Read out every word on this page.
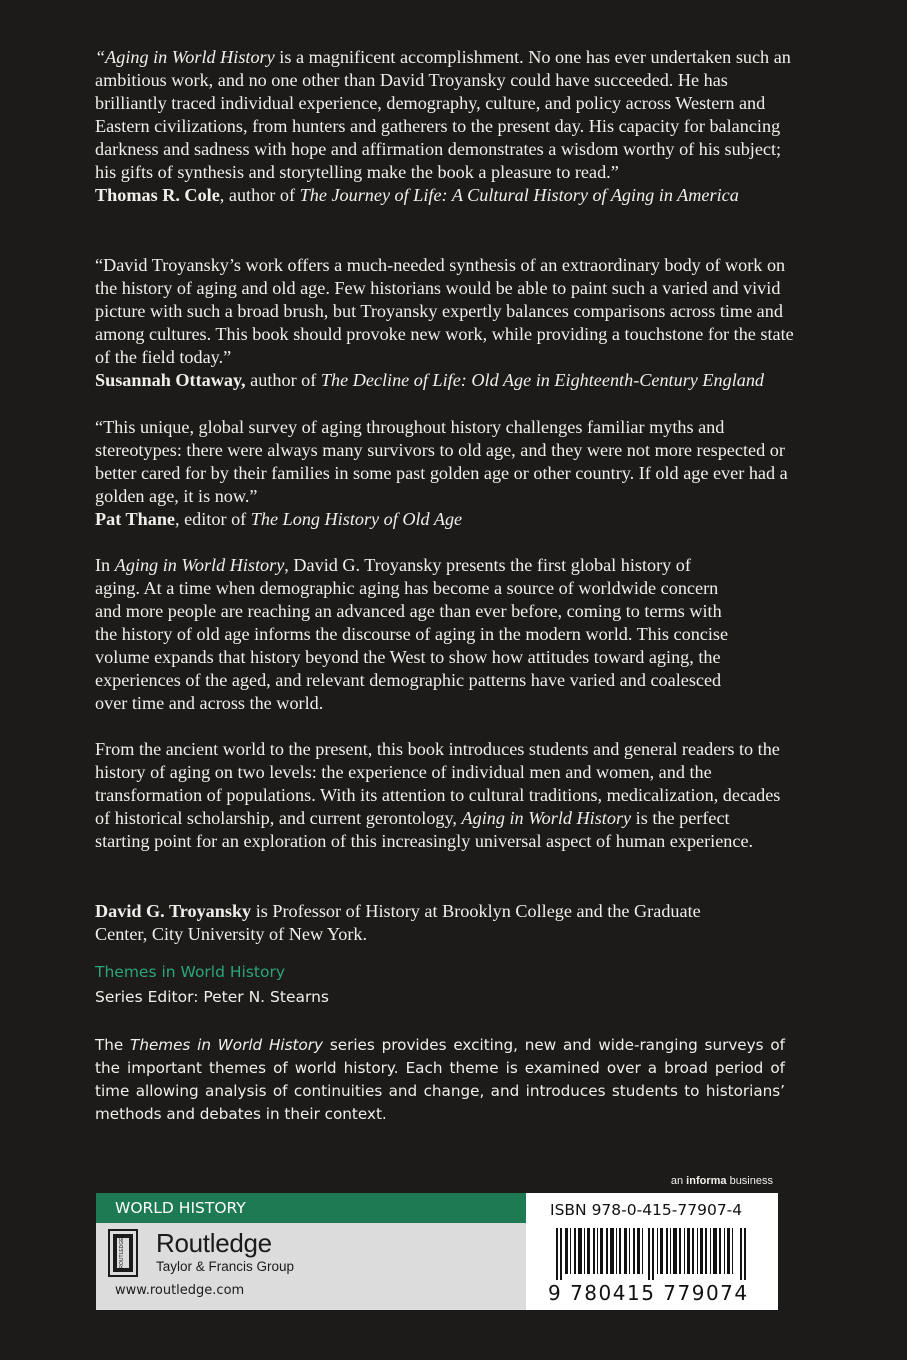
“Aging in World History is a magnificent accomplishment. No one has ever undertaken such an ambitious work, and no one other than David Troyansky could have succeeded. He has brilliantly traced individual experience, demography, culture, and policy across Western and Eastern civilizations, from hunters and gatherers to the present day. His capacity for balancing darkness and sadness with hope and affirmation demonstrates a wisdom worthy of his subject; his gifts of synthesis and storytelling make the book a pleasure to read.”

Thomas R. Cole, author of The Journey of Life: A Cultural History of Aging in America

“David Troyansky’s work offers a much-needed synthesis of an extraordinary body of work on the history of aging and old age. Few historians would be able to paint such a varied and vivid picture with such a broad brush, but Troyansky expertly balances comparisons across time and among cultures. This book should provoke new work, while providing a touchstone for the state of the field today.”

Susannah Ottaway, author of The Decline of Life: Old Age in Eighteenth-Century England

“This unique, global survey of aging throughout history challenges familiar myths and stereotypes: there were always many survivors to old age, and they were not more respected or better cared for by their families in some past golden age or other country. If old age ever had a golden age, it is now.”

Pat Thane, editor of The Long History of Old Age

In Aging in World History, David G. Troyansky presents the first global history of aging. At a time when demographic aging has become a source of worldwide concern and more people are reaching an advanced age than ever before, coming to terms with the history of old age informs the discourse of aging in the modern world. This concise volume expands that history beyond the West to show how attitudes toward aging, the experiences of the aged, and relevant demographic patterns have varied and coalesced over time and across the world.

From the ancient world to the present, this book introduces students and general readers to the history of aging on two levels: the experience of individual men and women, and the transformation of populations. With its attention to cultural traditions, medicalization, decades of historical scholarship, and current gerontology, Aging in World History is the perfect starting point for an exploration of this increasingly universal aspect of human experience.

David G. Troyansky is Professor of History at Brooklyn College and the Graduate Center, City University of New York.

Themes in World History
Series Editor: Peter N. Stearns

The Themes in World History series provides exciting, new and wide-ranging surveys of the important themes of world history. Each theme is examined over a broad period of time allowing analysis of continuities and change, and introduces students to historians’ methods and debates in their context.

an informa business
WORLD HISTORY
ROUTLEDGE Routledge
Taylor & Francis Group
www.routledge.com
ISBN 978-0-415-77907-4
9 780415 779074
